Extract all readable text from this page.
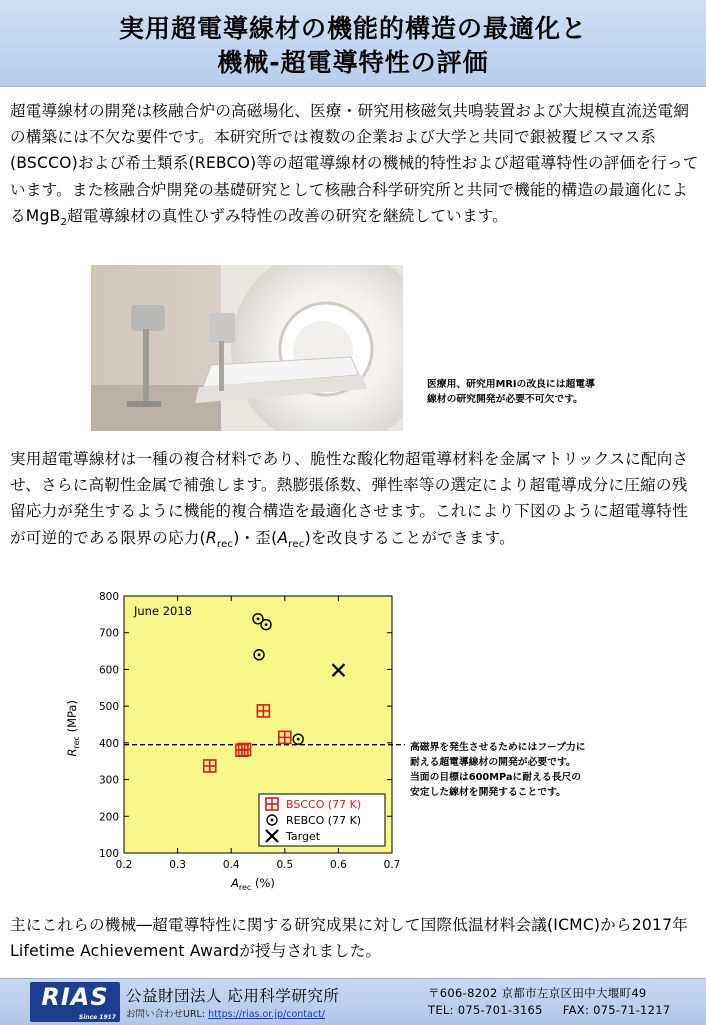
実用超電導線材の機能的構造の最適化と
機械-超電導特性の評価
超電導線材の開発は核融合炉の高磁場化、医療・研究用核磁気共鳴装置および大規模直流送電網の構築には不欠な要件です。本研究所では複数の企業および大学と共同で銀被覆ビスマス系(BSCCO)および希土類系(REBCO)等の超電導線材の機械的特性および超電導特性の評価を行っています。また核融合炉開発の基礎研究として核融合科学研究所と共同で機能的構造の最適化によるMgB$_2$超電導線材の真性ひずみ特性の改善の研究を継続しています。
医療用、研究用MRIの改良には超電導
線材の研究開発が必要不可欠です。
実用超電導線材は一種の複合材料であり、脆性な酸化物超電導材料を金属マトリックスに配向させ、さらに高靭性金属で補強します。熱膨張係数、弾性率等の選定により超電導成分に圧縮の残留応力が発生するように機能的複合構造を最適化させます。これにより下図のように超電導特性が可逆的である限界の応力$(R_{rec})$・歪$(A_{rec})$を改良することができます。
0.2	0.3	0.4	0.5	0.6	0.7
100
200
300
400
500
600
700
800
June 2018
BSCCO (77 K)
REBCO (77 K)
Target
$A_{rec}$ (%)
$R_{rec}$ (MPa)
高磁界を発生させるためにはフープ力に
耐える超電導線材の開発が必要です。
当面の目標は600MPaに耐える長尺の
安定した線材を開発することです。
主にこれらの機械―超電導特性に関する研究成果に対して国際低温材料会議(ICMC)から2017年Lifetime Achievement Awardが授与されました。
RIAS
Since 1917
公益財団法人 応用科学研究所
お問い合わせURL: https://rias.or.jp/contact/
〒606-8202 京都市左京区田中大堰町49
TEL: 075-701-3165 FAX: 075-71-1217
